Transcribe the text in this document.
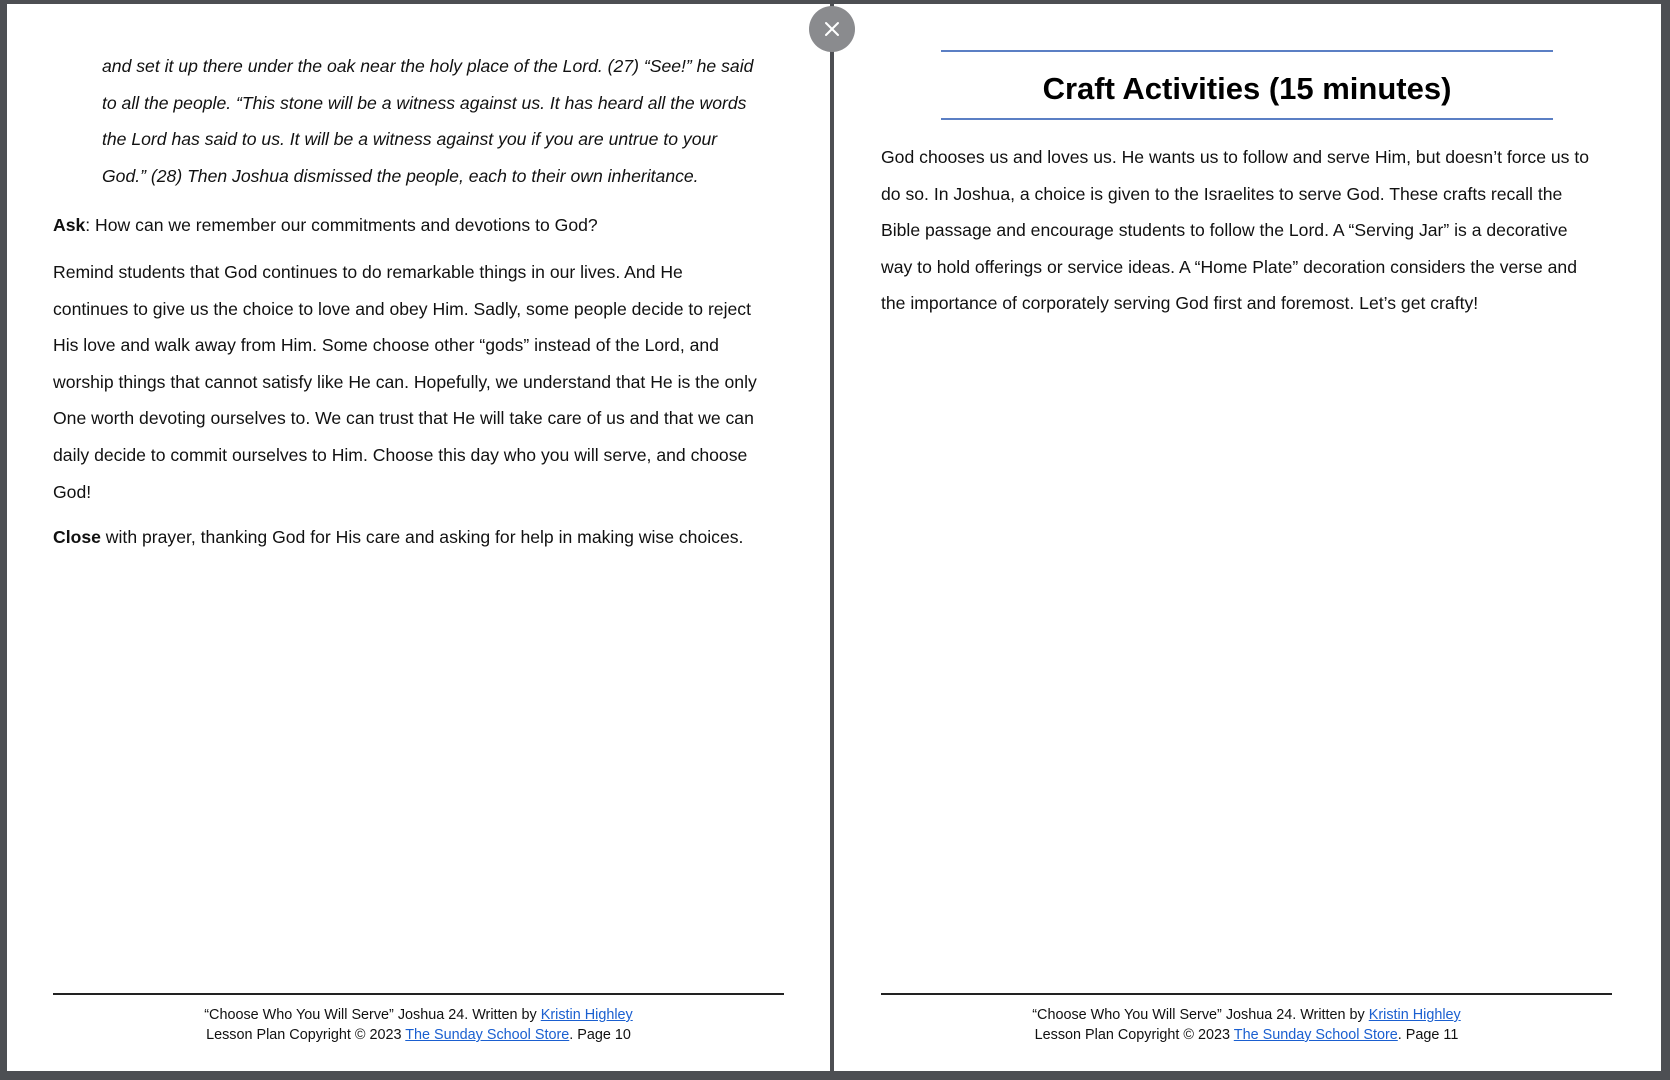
and set it up there under the oak near the holy place of the Lord. (27) “See!” he said
to all the people. “This stone will be a witness against us. It has heard all the words
the Lord has said to us. It will be a witness against you if you are untrue to your
God.” (28) Then Joshua dismissed the people, each to their own inheritance.
Ask: How can we remember our commitments and devotions to God?
Remind students that God continues to do remarkable things in our lives. And He
continues to give us the choice to love and obey Him. Sadly, some people decide to reject
His love and walk away from Him. Some choose other “gods” instead of the Lord, and
worship things that cannot satisfy like He can. Hopefully, we understand that He is the only
One worth devoting ourselves to. We can trust that He will take care of us and that we can
daily decide to commit ourselves to Him. Choose this day who you will serve, and choose
God!
Close with prayer, thanking God for His care and asking for help in making wise choices.
“Choose Who You Will Serve” Joshua 24. Written by Kristin Highley
Lesson Plan Copyright © 2023 The Sunday School Store. Page 10
Craft Activities (15 minutes)
God chooses us and loves us. He wants us to follow and serve Him, but doesn’t force us to
do so. In Joshua, a choice is given to the Israelites to serve God. These crafts recall the
Bible passage and encourage students to follow the Lord. A “Serving Jar” is a decorative
way to hold offerings or service ideas. A “Home Plate” decoration considers the verse and
the importance of corporately serving God first and foremost. Let’s get crafty!
“Choose Who You Will Serve” Joshua 24. Written by Kristin Highley
Lesson Plan Copyright © 2023 The Sunday School Store. Page 11
